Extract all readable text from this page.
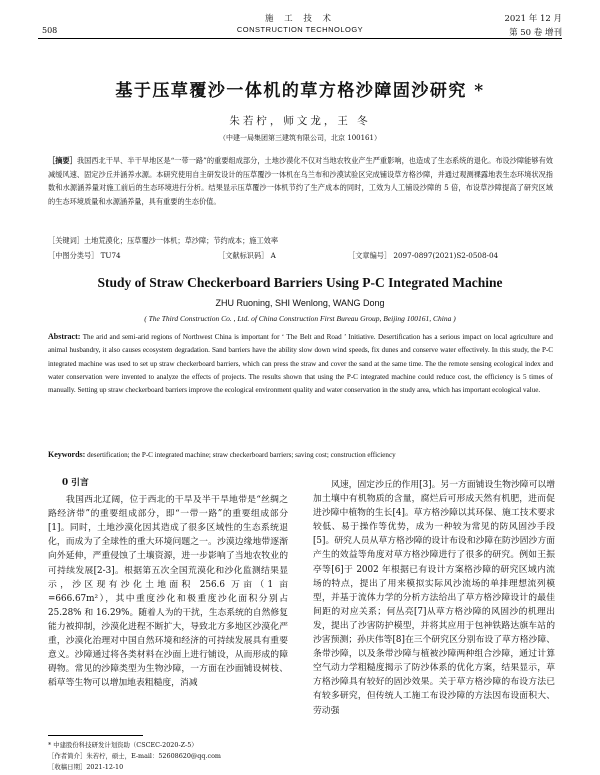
508
施 工 技 术
CONSTRUCTION TECHNOLOGY
2021 年 12 月
第 50 卷 增刊
基于压草覆沙一体机的草方格沙障固沙研究 *
朱若柠，师文龙，王 冬
（中建一局集团第三建筑有限公司，北京 100161）
［摘要］我国西北干旱、半干旱地区是“一带一路”的重要组成部分，土地沙漠化不仅对当地农牧业产生严重影响，也造成了生态系统的退化。布设沙障能够有效减缓风速、固定沙丘并涵养水源。本研究使用自主研发设计的压草覆沙一体机在乌兰布和沙漠试验区完成铺设草方格沙障，并通过观测裸露地表生态环境状况指数和水源涵养量对施工前后的生态环境进行分析。结果显示压草覆沙一体机节约了生产成本的同时，工效为人工铺设沙障的 5 倍，布设草沙障提高了研究区域的生态环境质量和水源涵养量，具有重要的生态价值。
［关键词］土地荒漠化；压草覆沙一体机；草沙障；节约成本；施工效率
［中图分类号］ TU74	［文献标识码］ A	［文章编号］ 2097-0897(2021)S2-0508-04
Study of Straw Checkerboard Barriers Using P-C Integrated Machine
ZHU Ruoning, SHI Wenlong, WANG Dong
( The Third Construction Co. , Ltd. of China Construction First Bureau Group, Beijing 100161, China )
Abstract: The arid and semi-arid regions of Northwest China is important for ‘ The Belt and Road ’ Initiative. Desertification has a serious impact on local agriculture and animal husbandry, it also causes ecosystem degradation. Sand barriers have the ability slow down wind speeds, fix dunes and conserve water effectively. In this study, the P-C integrated machine was used to set up straw checkerboard barriers, which can press the straw and cover the sand at the same time. The the remote sensing ecological index and water conservation were invented to analyze the effects of projects. The results shown that using the P-C integrated machine could reduce cost, the efficiency is 5 times of manually. Setting up straw checkerboard barriers improve the ecological environment quality and water conservation in the study area, which has important ecological value.
Keywords: desertification; the P-C integrated machine; straw checkerboard barriers; saving cost; construction efficiency
0 引言
我国西北辽阔，位于西北的干旱及半干旱地带是“丝绸之路经济带”的重要组成部分，即“一带一路”的重要组成部分[1]。同时，土地沙漠化因其造成了很多区域性的生态系统退化，而成为了全球性的重大环境问题之一。沙漠边缘地带逐渐向外延伸，严重侵蚀了土壤资源，进一步影响了当地农牧业的可持续发展[2-3]。根据第五次全国荒漠化和沙化监测结果显示，沙区现有沙化土地面积 256.6 万亩（1 亩 =666.67m²），其中重度沙化和极重度沙化面积分别占 25.28% 和 16.29%。随着人为的干扰，生态系统的自然修复能力被抑制，沙漠化进程不断扩大，导致北方多地区沙漠化严重，沙漠化治理对中国自然环境和经济的可持续发展具有重要意义。沙障通过将各类材料在沙面上进行铺设，从而形成的障碍物。常见的沙障类型为生物沙障，一方面在沙面铺设树枝、稻草等生物可以增加地表粗糙度，消减
风速，固定沙丘的作用[3]。另一方面铺设生物沙障可以增加土壤中有机物质的含量，腐烂后可形成天然有机肥，进而促进沙障中植物的生长[4]。草方格沙障以其环保、施工技术要求较低、易于操作等优势，成为一种较为常见的防风固沙手段[5]。研究人员从草方格沙障的设计布设和沙障在防沙固沙方面产生的效益等角度对草方格沙障进行了很多的研究。例如王振亭等[6]于 2002 年根据已有设计方案格沙障的研究区域内流场的特点，提出了用来模拟实际风沙流场的单排理想流列模型，并基于流体力学的分析方法给出了草方格沙障设计的最佳间距的对应关系；何丛亮[7]从草方格沙障的风固沙的机理出发，提出了沙害防护模型，并将其应用于包神铁路达旗车站的沙害预测；孙庆伟等[8]在三个研究区分别布设了草方格沙障、条带沙障，以及条带沙障与植被沙障两种组合沙障，通过计算空气动力学粗糙度揭示了防沙体系的优化方案，结果显示，草方格沙障具有较好的固沙效果。关于草方格沙障的布设方法已有较多研究，但传统人工施工布设沙障的方法因布设面积大、劳动强
* 中建股份科技研发计划资助（CSCEC-2020-Z-5）
［作者简介］朱若柠，硕士，E-mail：52608620@qq.com
［收稿日期］2021-12-10
